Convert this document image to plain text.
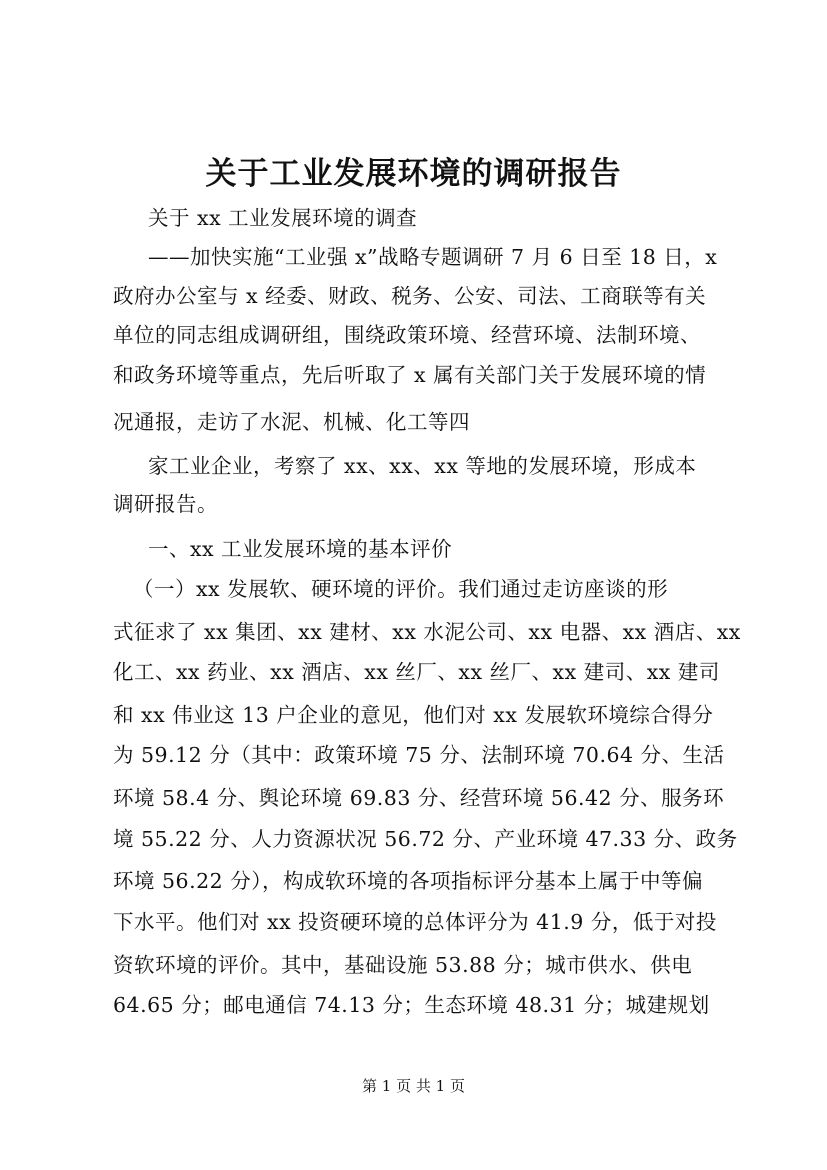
关于工业发展环境的调研报告
关于 xx 工业发展环境的调查
——加快实施“工业强 x”战略专题调研 7 月 6 日至 18 日，x
政府办公室与 x 经委、财政、税务、公安、司法、工商联等有关
单位的同志组成调研组，围绕政策环境、经营环境、法制环境、
和政务环境等重点，先后听取了 x 属有关部门关于发展环境的情
况通报，走访了水泥、机械、化工等四
家工业企业，考察了 xx、xx、xx 等地的发展环境，形成本
调研报告。
一、xx 工业发展环境的基本评价
（一）xx 发展软、硬环境的评价。我们通过走访座谈的形
式征求了 xx 集团、xx 建材、xx 水泥公司、xx 电器、xx 酒店、xx
化工、xx 药业、xx 酒店、xx 丝厂、xx 丝厂、xx 建司、xx 建司
和 xx 伟业这 13 户企业的意见，他们对 xx 发展软环境综合得分
为 59.12 分（其中：政策环境 75 分、法制环境 70.64 分、生活
环境 58.4 分、舆论环境 69.83 分、经营环境 56.42 分、服务环
境 55.22 分、人力资源状况 56.72 分、产业环境 47.33 分、政务
环境 56.22 分），构成软环境的各项指标评分基本上属于中等偏
下水平。他们对 xx 投资硬环境的总体评分为 41.9 分，低于对投
资软环境的评价。其中，基础设施 53.88 分；城市供水、供电
64.65 分；邮电通信 74.13 分；生态环境 48.31 分；城建规划
第 1 页 共 1 页
